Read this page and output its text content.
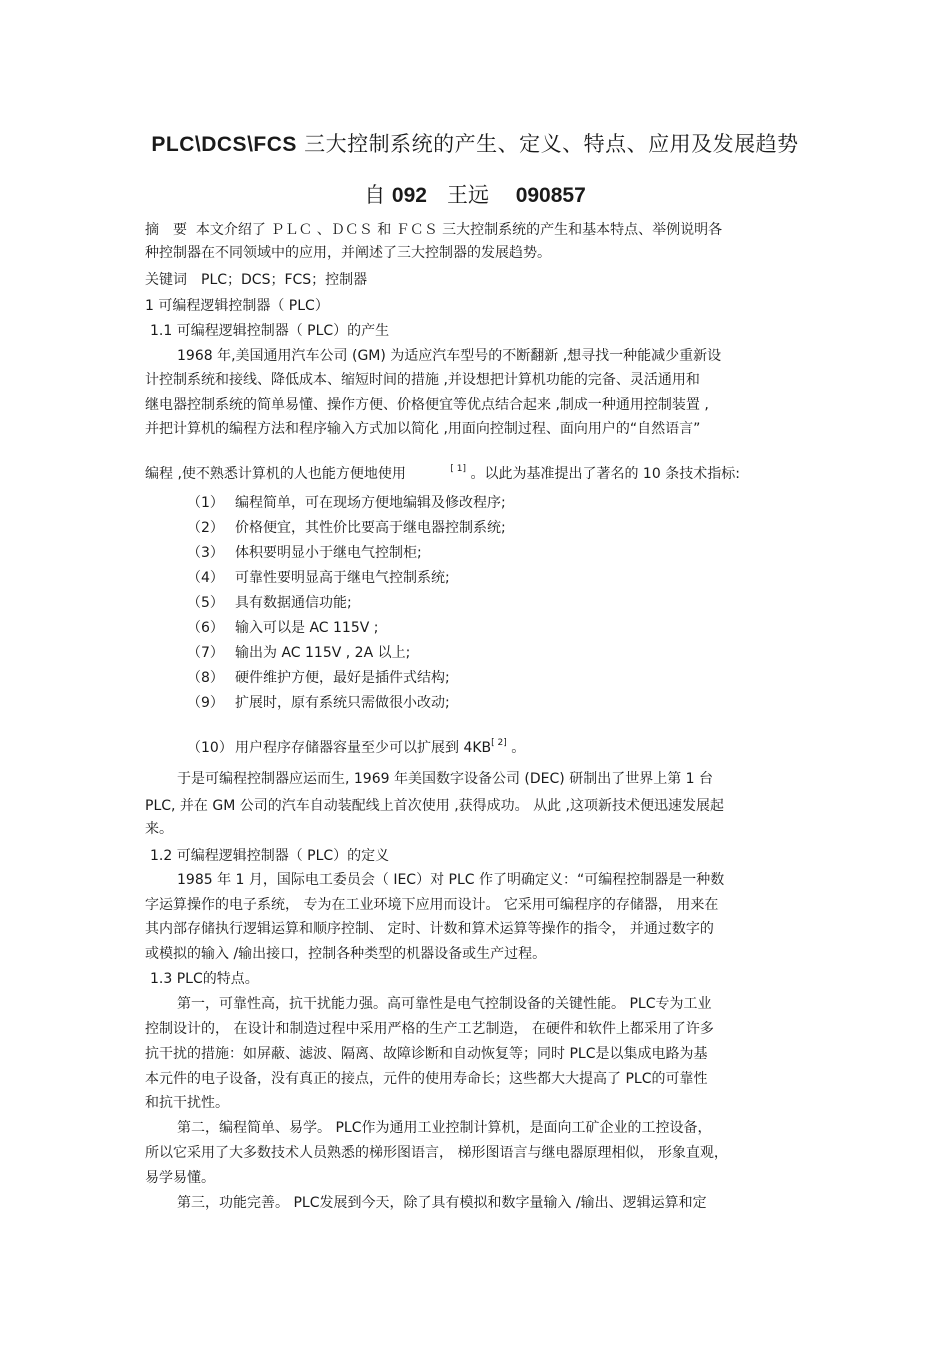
PLC\DCS\FCS 三大控制系统的产生、定义、特点、应用及发展趋势
自 092 王远 090857
摘　要 本文介绍了 ＰＬＣ 、ＤＣＳ 和 ＦＣＳ 三大控制系统的产生和基本特点、举例说明各
种控制器在不同领域中的应用，并阐述了三大控制器的发展趋势。
关键词　PLC；DCS；FCS；控制器
1 可编程逻辑控制器（ PLC）
1.1 可编程逻辑控制器（ PLC）的产生
1968 年,美国通用汽车公司 (GM) 为适应汽车型号的不断翻新 ,想寻找一种能减少重新设
计控制系统和接线、降低成本、缩短时间的措施 ,并设想把计算机功能的完备、灵活通用和
继电器控制系统的简单易懂、操作方便、价格便宜等优点结合起来 ,制成一种通用控制装置 ,
并把计算机的编程方法和程序输入方式加以简化 ,用面向控制过程、面向用户的“自然语言”
编程 ,使不熟悉计算机的人也能方便地使用	[ 1] 。以此为基准提出了著名的 10 条技术指标:
（1） 编程简单，可在现场方便地编辑及修改程序;
（2） 价格便宜，其性价比要高于继电器控制系统;
（3） 体积要明显小于继电气控制柜;
（4） 可靠性要明显高于继电气控制系统;
（5） 具有数据通信功能;
（6） 输入可以是 AC 115V ;
（7） 输出为 AC 115V , 2A 以上;
（8） 硬件维护方便，最好是插件式结构;
（9） 扩展时，原有系统只需做很小改动;
（10） 用户程序存储器容量至少可以扩展到 4KB[ 2] 。
于是可编程控制器应运而生, 1969 年美国数字设备公司 (DEC) 研制出了世界上第 1 台
PLC, 并在 GM 公司的汽车自动装配线上首次使用 ,获得成功。 从此 ,这项新技术便迅速发展起
来。
1.2 可编程逻辑控制器（ PLC）的定义
1985 年 1 月，国际电工委员会（ IEC）对 PLC 作了明确定义：“可编程控制器是一种数
字运算操作的电子系统， 专为在工业环境下应用而设计。 它采用可编程序的存储器， 用来在
其内部存储执行逻辑运算和顺序控制、 定时、计数和算术运算等操作的指令， 并通过数字的
或模拟的输入 /输出接口，控制各种类型的机器设备或生产过程。
1.3 PLC的特点。
第一，可靠性高，抗干扰能力强。高可靠性是电气控制设备的关键性能。 PLC专为工业
控制设计的， 在设计和制造过程中采用严格的生产工艺制造， 在硬件和软件上都采用了许多
抗干扰的措施：如屏蔽、滤波、隔离、故障诊断和自动恢复等；同时 PLC是以集成电路为基
本元件的电子设备，没有真正的接点，元件的使用寿命长；这些都大大提高了 PLC的可靠性
和抗干扰性。
第二，编程简单、易学。 PLC作为通用工业控制计算机，是面向工矿企业的工控设备，
所以它采用了大多数技术人员熟悉的梯形图语言， 梯形图语言与继电器原理相似， 形象直观，
易学易懂。
第三，功能完善。 PLC发展到今天，除了具有模拟和数字量输入 /输出、逻辑运算和定
